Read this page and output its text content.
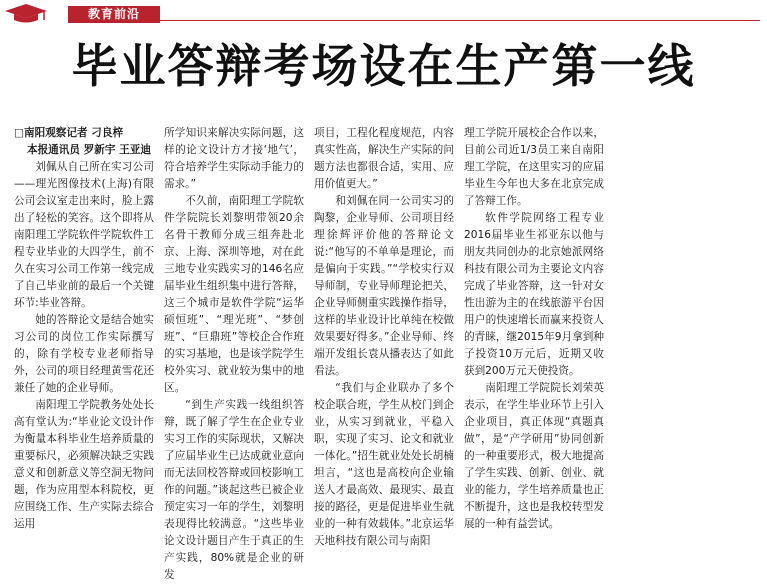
教育前沿
毕业答辩考场设在生产第一线

□南阳观察记者 刁良梓
本报通讯员 罗新宇 王亚迪

刘佩从自己所在实习公司——理光图像技术(上海)有限公司会议室走出来时，脸上露出了轻松的笑容。这个即将从南阳理工学院软件学院软件工程专业毕业的大四学生，前不久在实习公司工作第一线完成了自己毕业前的最后一个关键环节:毕业答辩。

她的答辩论文是结合她实习公司的岗位工作实际撰写的，除有学校专业老师指导外，公司的项目经理黄雪花还兼任了她的企业导师。

南阳理工学院教务处处长高有堂认为:“毕业论文设计作为衡量本科毕业生培养质量的重要标尺，必须解决缺乏实践意义和创新意义等空洞无物问题，作为应用型本科院校，更应围绕工作、生产实际去综合运用

所学知识来解决实际问题，这样的论文设计方才接‘地气’，符合培养学生实际动手能力的需求。”

不久前，南阳理工学院软件学院院长刘黎明带领20余名骨干教师分成三组奔赴北京、上海、深圳等地，对在此三地专业实践实习的146名应届毕业生组织集中进行答辩，这三个城市是软件学院“运华硕恒班”、“理光班”、“梦创班”、“巨鼎班”等校企合作班的实习基地，也是该学院学生校外实习、就业较为集中的地区。

“到生产实践一线组织答辩，既了解了学生在企业专业实习工作的实际现状，又解决了应届毕业生已达成就业意向而无法回校答辩或回校影响工作的问题。”谈起这些已被企业预定实习一年的学生，刘黎明表现得比较满意。“这些毕业论文设计题目产生于真正的生产实践，80%就是企业的研发

项目，工程化程度规范，内容真实性高，解决生产实际的问题方法也都很合适，实用、应用价值更大。”

和刘佩在同一公司实习的陶黎，企业导师、公司项目经理徐辉评价他的答辩论文说:“他写的不单单是理论，而是偏向于实践。”“学校实行双导师制，专业导师理论把关，企业导师侧重实践操作指导，这样的毕业设计比单纯在校做效果要好得多。”企业导师、终端开发组长袁从播表达了如此看法。

“我们与企业联办了多个校企联合班，学生从校门到企业，从实习到就业，平稳入职，实现了实习、论文和就业一体化。”招生就业处处长胡楠坦言，“这也是高校向企业输送人才最高效、最现实、最直接的路径，更是促进毕业生就业的一种有效载体。”北京运华天地科技有限公司与南阳

理工学院开展校企合作以来，目前公司近1/3员工来自南阳理工学院，在这里实习的应届毕业生今年也大多在北京完成了答辩工作。

软件学院网络工程专业2016届毕业生祁亚东以他与朋友共同创办的北京她派网络科技有限公司为主要论文内容完成了毕业答辩，这一针对女性出游为主的在线旅游平台因用户的快速增长而赢来投资人的青睐，继2015年9月拿到种子投资10万元后，近期又收获到200万元天使投资。

南阳理工学院院长刘荣英表示，在学生毕业环节上引入企业项目，真正体现“真题真做”，是“产学研用”协同创新的一种重要形式，极大地提高了学生实践、创新、创业、就业的能力，学生培养质量也正不断提升，这也是我校转型发展的一种有益尝试。
